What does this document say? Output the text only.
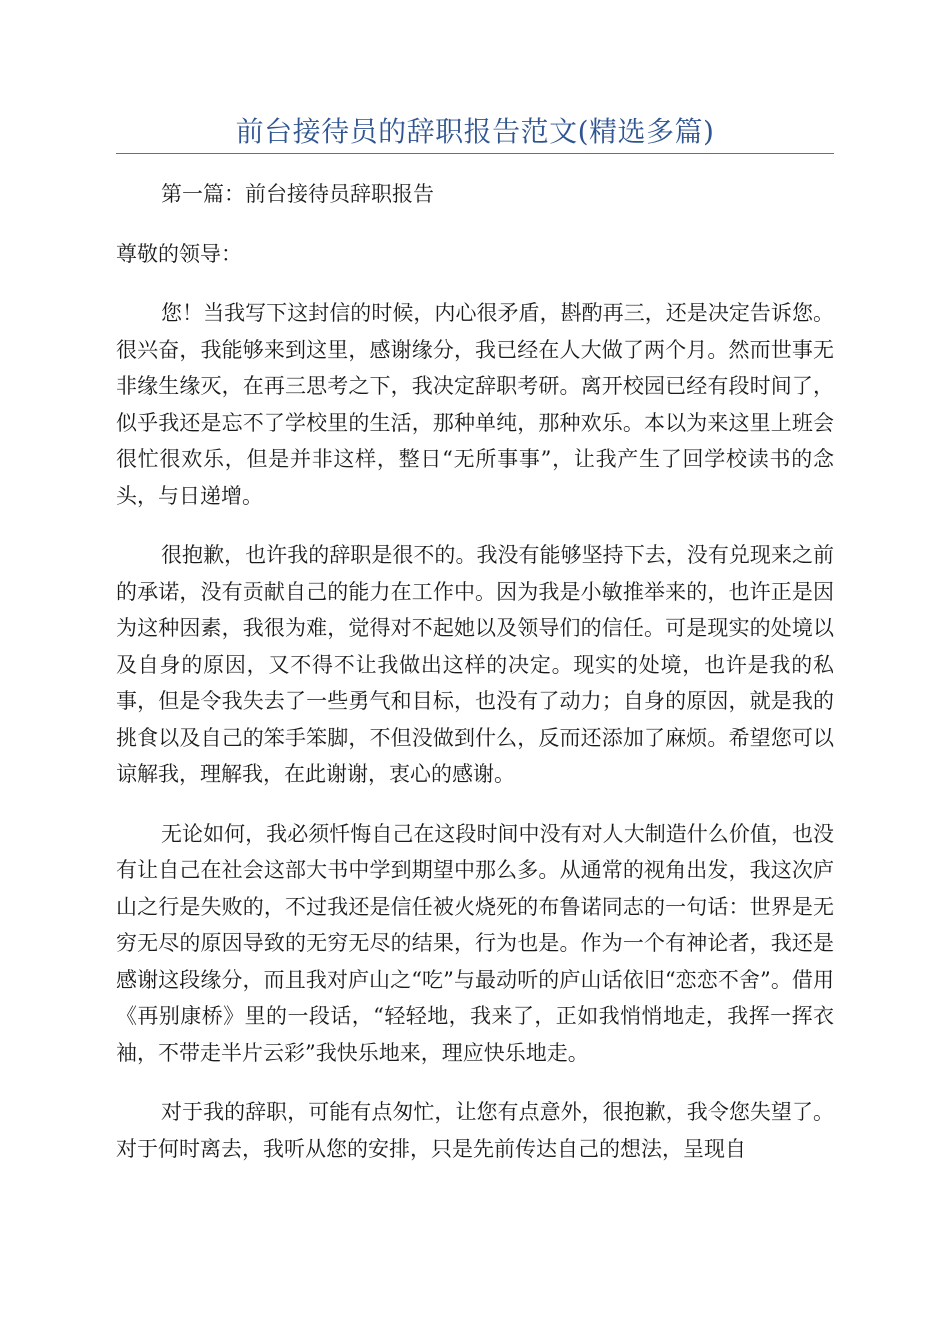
前台接待员的辞职报告范文(精选多篇)

第一篇：前台接待员辞职报告

尊敬的领导：

您！当我写下这封信的时候，内心很矛盾，斟酌再三，还是决定告诉您。很兴奋，我能够来到这里，感谢缘分，我已经在人大做了两个月。然而世事无非缘生缘灭，在再三思考之下，我决定辞职考研。离开校园已经有段时间了，似乎我还是忘不了学校里的生活，那种单纯，那种欢乐。本以为来这里上班会很忙很欢乐，但是并非这样，整日“无所事事”，让我产生了回学校读书的念头，与日递增。

很抱歉，也许我的辞职是很不的。我没有能够坚持下去，没有兑现来之前的承诺，没有贡献自己的能力在工作中。因为我是小敏推举来的，也许正是因为这种因素，我很为难，觉得对不起她以及领导们的信任。可是现实的处境以及自身的原因，又不得不让我做出这样的决定。现实的处境，也许是我的私事，但是令我失去了一些勇气和目标，也没有了动力；自身的原因，就是我的挑食以及自己的笨手笨脚，不但没做到什么，反而还添加了麻烦。希望您可以谅解我，理解我，在此谢谢，衷心的感谢。

无论如何，我必须忏悔自己在这段时间中没有对人大制造什么价值，也没有让自己在社会这部大书中学到期望中那么多。从通常的视角出发，我这次庐山之行是失败的，不过我还是信任被火烧死的布鲁诺同志的一句话：世界是无穷无尽的原因导致的无穷无尽的结果，行为也是。作为一个有神论者，我还是感谢这段缘分，而且我对庐山之“吃”与最动听的庐山话依旧“恋恋不舍”。借用《再别康桥》里的一段话，“轻轻地，我来了，正如我悄悄地走，我挥一挥衣袖，不带走半片云彩”我快乐地来，理应快乐地走。

对于我的辞职，可能有点匆忙，让您有点意外，很抱歉，我令您失望了。对于何时离去，我听从您的安排，只是先前传达自己的想法，呈现自
